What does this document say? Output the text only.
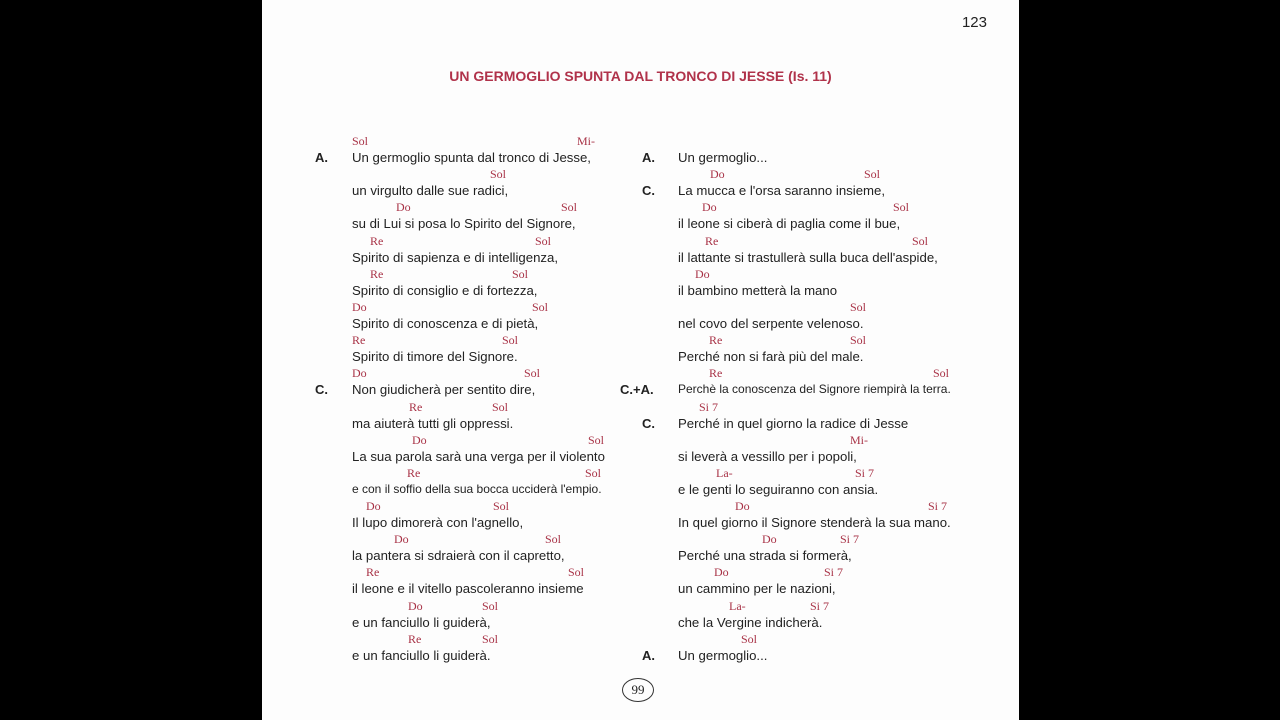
123
UN GERMOGLIO SPUNTA DAL TRONCO DI JESSE (Is. 11)
Sol	Mi-
A. Un germoglio spunta dal tronco di Jesse,
Sol
un virgulto dalle sue radici,
Do	Sol
su di Lui si posa lo Spirito del Signore,
Re	Sol
Spirito di sapienza e di intelligenza,
Re	Sol
Spirito di consiglio e di fortezza,
Do	Sol
Spirito di conoscenza e di pietà,
Re	Sol
Spirito di timore del Signore.
Do	Sol
C. Non giudicherà per sentito dire,
Re	Sol
ma aiuterà tutti gli oppressi.
Do	Sol
La sua parola sarà una verga per il violento
Re	Sol
e con il soffio della sua bocca ucciderà l'empio.
Do	Sol
Il lupo dimorerà con l'agnello,
Do	Sol
la pantera si sdraierà con il capretto,
Re	Sol
il leone e il vitello pascoleranno insieme
Do	Sol
e un fanciullo li guiderà,
Re	Sol
e un fanciullo li guiderà.
A. Un germoglio...
Do	Sol
C. La mucca e l'orsa saranno insieme,
Do	Sol
il leone si ciberà di paglia come il bue,
Re	Sol
il lattante si trastullerà sulla buca dell'aspide,
Do
il bambino metterà la mano
Sol
nel covo del serpente velenoso.
Re	Sol
Perché non si farà più del male.
Re	Sol
C.+A. Perchè la conoscenza del Signore riempirà la terra.
Si 7
C. Perché in quel giorno la radice di Jesse
Mi-
si leverà a vessillo per i popoli,
La-	Si 7
e le genti lo seguiranno con ansia.
Do	Si 7
In quel giorno il Signore stenderà la sua mano.
Do	Si 7
Perché una strada si formerà,
Do	Si 7
un cammino per le nazioni,
La-	Si 7
che la Vergine indicherà.
Sol
A. Un germoglio...
99
